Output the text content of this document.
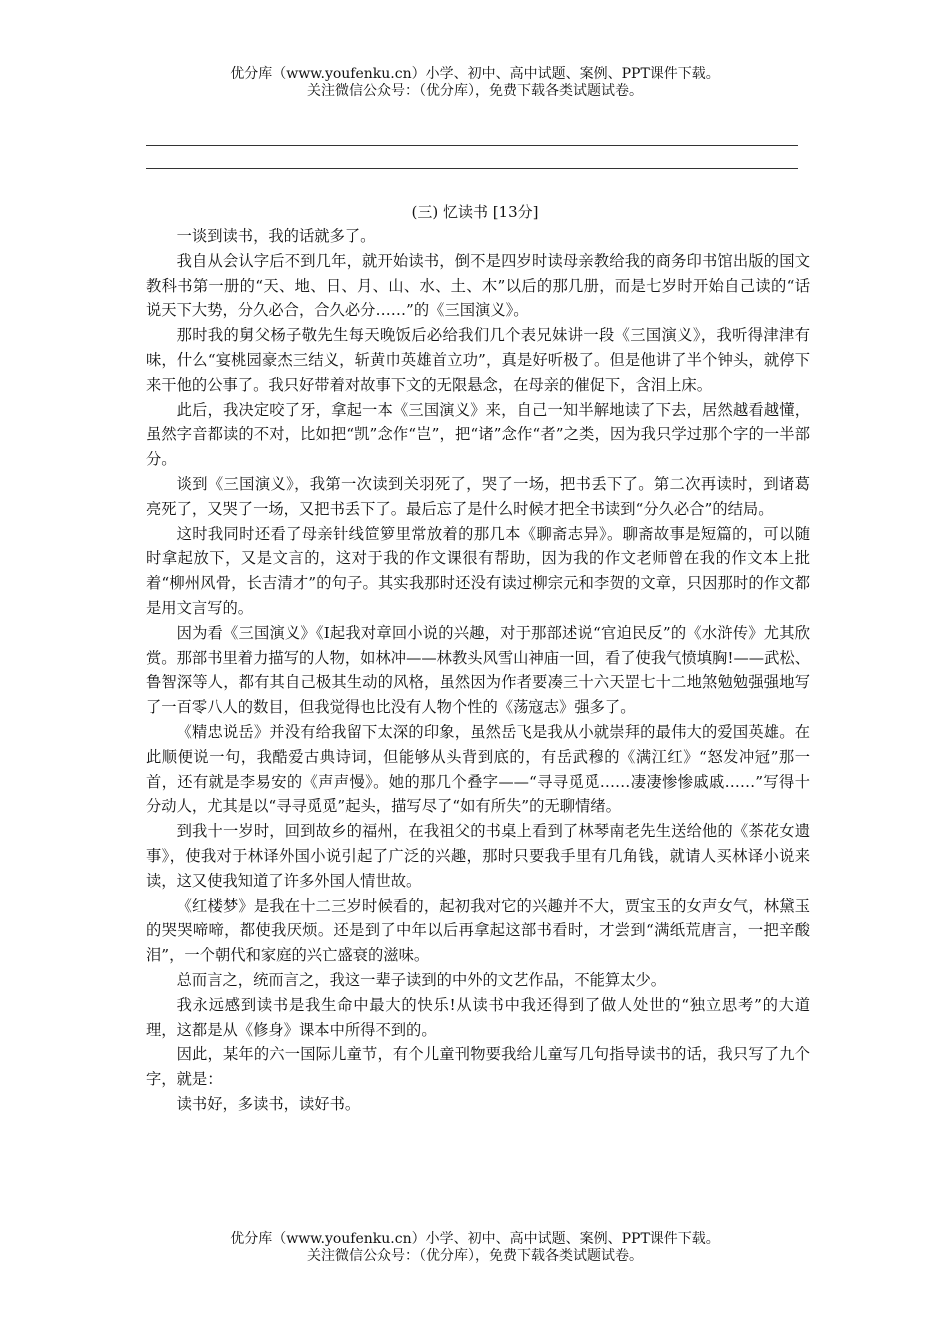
优分库（www.youfenku.cn）小学、初中、高中试题、案例、PPT课件下载。
关注微信公众号：（优分库），免费下载各类试题试卷。
(三) 忆读书 [13分]

一谈到读书，我的话就多了。

我自从会认字后不到几年，就开始读书，倒不是四岁时读母亲教给我的商务印书馆出版的国文教科书第一册的“天、地、日、月、山、水、土、木”以后的那几册，而是七岁时开始自己读的“话说天下大势，分久必合，合久必分……”的《三国演义》。

那时我的舅父杨子敬先生每天晚饭后必给我们几个表兄妹讲一段《三国演义》，我听得津津有味，什么“宴桃园豪杰三结义，斩黄巾英雄首立功”，真是好听极了。但是他讲了半个钟头，就停下来干他的公事了。我只好带着对故事下文的无限悬念，在母亲的催促下，含泪上床。

此后，我决定咬了牙，拿起一本《三国演义》来，自己一知半解地读了下去，居然越看越懂，虽然字音都读的不对，比如把“凯”念作“岂”，把“诸”念作“者”之类，因为我只学过那个字的一半部分。

谈到《三国演义》，我第一次读到关羽死了，哭了一场，把书丢下了。第二次再读时，到诸葛亮死了，又哭了一场，又把书丢下了。最后忘了是什么时候才把全书读到“分久必合”的结局。

这时我同时还看了母亲针线笸箩里常放着的那几本《聊斋志异》。聊斋故事是短篇的，可以随时拿起放下，又是文言的，这对于我的作文课很有帮助，因为我的作文老师曾在我的作文本上批着“柳州风骨，长吉清才”的句子。其实我那时还没有读过柳宗元和李贺的文章，只因那时的作文都是用文言写的。

因为看《三国演义》《I起我对章回小说的兴趣，对于那部述说“官迫民反”的《水浒传》尤其欣赏。那部书里着力描写的人物，如林冲——林教头风雪山神庙一回，看了使我气愤填胸!——武松、鲁智深等人，都有其自己极其生动的风格，虽然因为作者要凑三十六天罡七十二地煞勉勉强强地写了一百零八人的数目，但我觉得也比没有人物个性的《荡寇志》强多了。

《精忠说岳》并没有给我留下太深的印象，虽然岳飞是我从小就崇拜的最伟大的爱国英雄。在此顺便说一句，我酷爱古典诗词，但能够从头背到底的，有岳武穆的《满江红》“怒发冲冠”那一首，还有就是李易安的《声声慢》。她的那几个叠字——“寻寻觅觅……凄凄惨惨戚戚……”写得十分动人，尤其是以“寻寻觅觅”起头，描写尽了“如有所失”的无聊情绪。

到我十一岁时，回到故乡的福州，在我祖父的书桌上看到了林琴南老先生送给他的《茶花女遗事》，使我对于林译外国小说引起了广泛的兴趣，那时只要我手里有几角钱，就请人买林译小说来读，这又使我知道了许多外国人情世故。

《红楼梦》是我在十二三岁时候看的，起初我对它的兴趣并不大，贾宝玉的女声女气，林黛玉的哭哭啼啼，都使我厌烦。还是到了中年以后再拿起这部书看时，才尝到“满纸荒唐言，一把辛酸泪”，一个朝代和家庭的兴亡盛衰的滋味。

总而言之，统而言之，我这一辈子读到的中外的文艺作品，不能算太少。

我永远感到读书是我生命中最大的快乐!从读书中我还得到了做人处世的“独立思考”的大道理，这都是从《修身》课本中所得不到的。

因此，某年的六一国际儿童节，有个儿童刊物要我给儿童写几句指导读书的话，我只写了九个字，就是：

读书好，多读书，读好书。

优分库（www.youfenku.cn）小学、初中、高中试题、案例、PPT课件下载。
关注微信公众号：（优分库），免费下载各类试题试卷。
